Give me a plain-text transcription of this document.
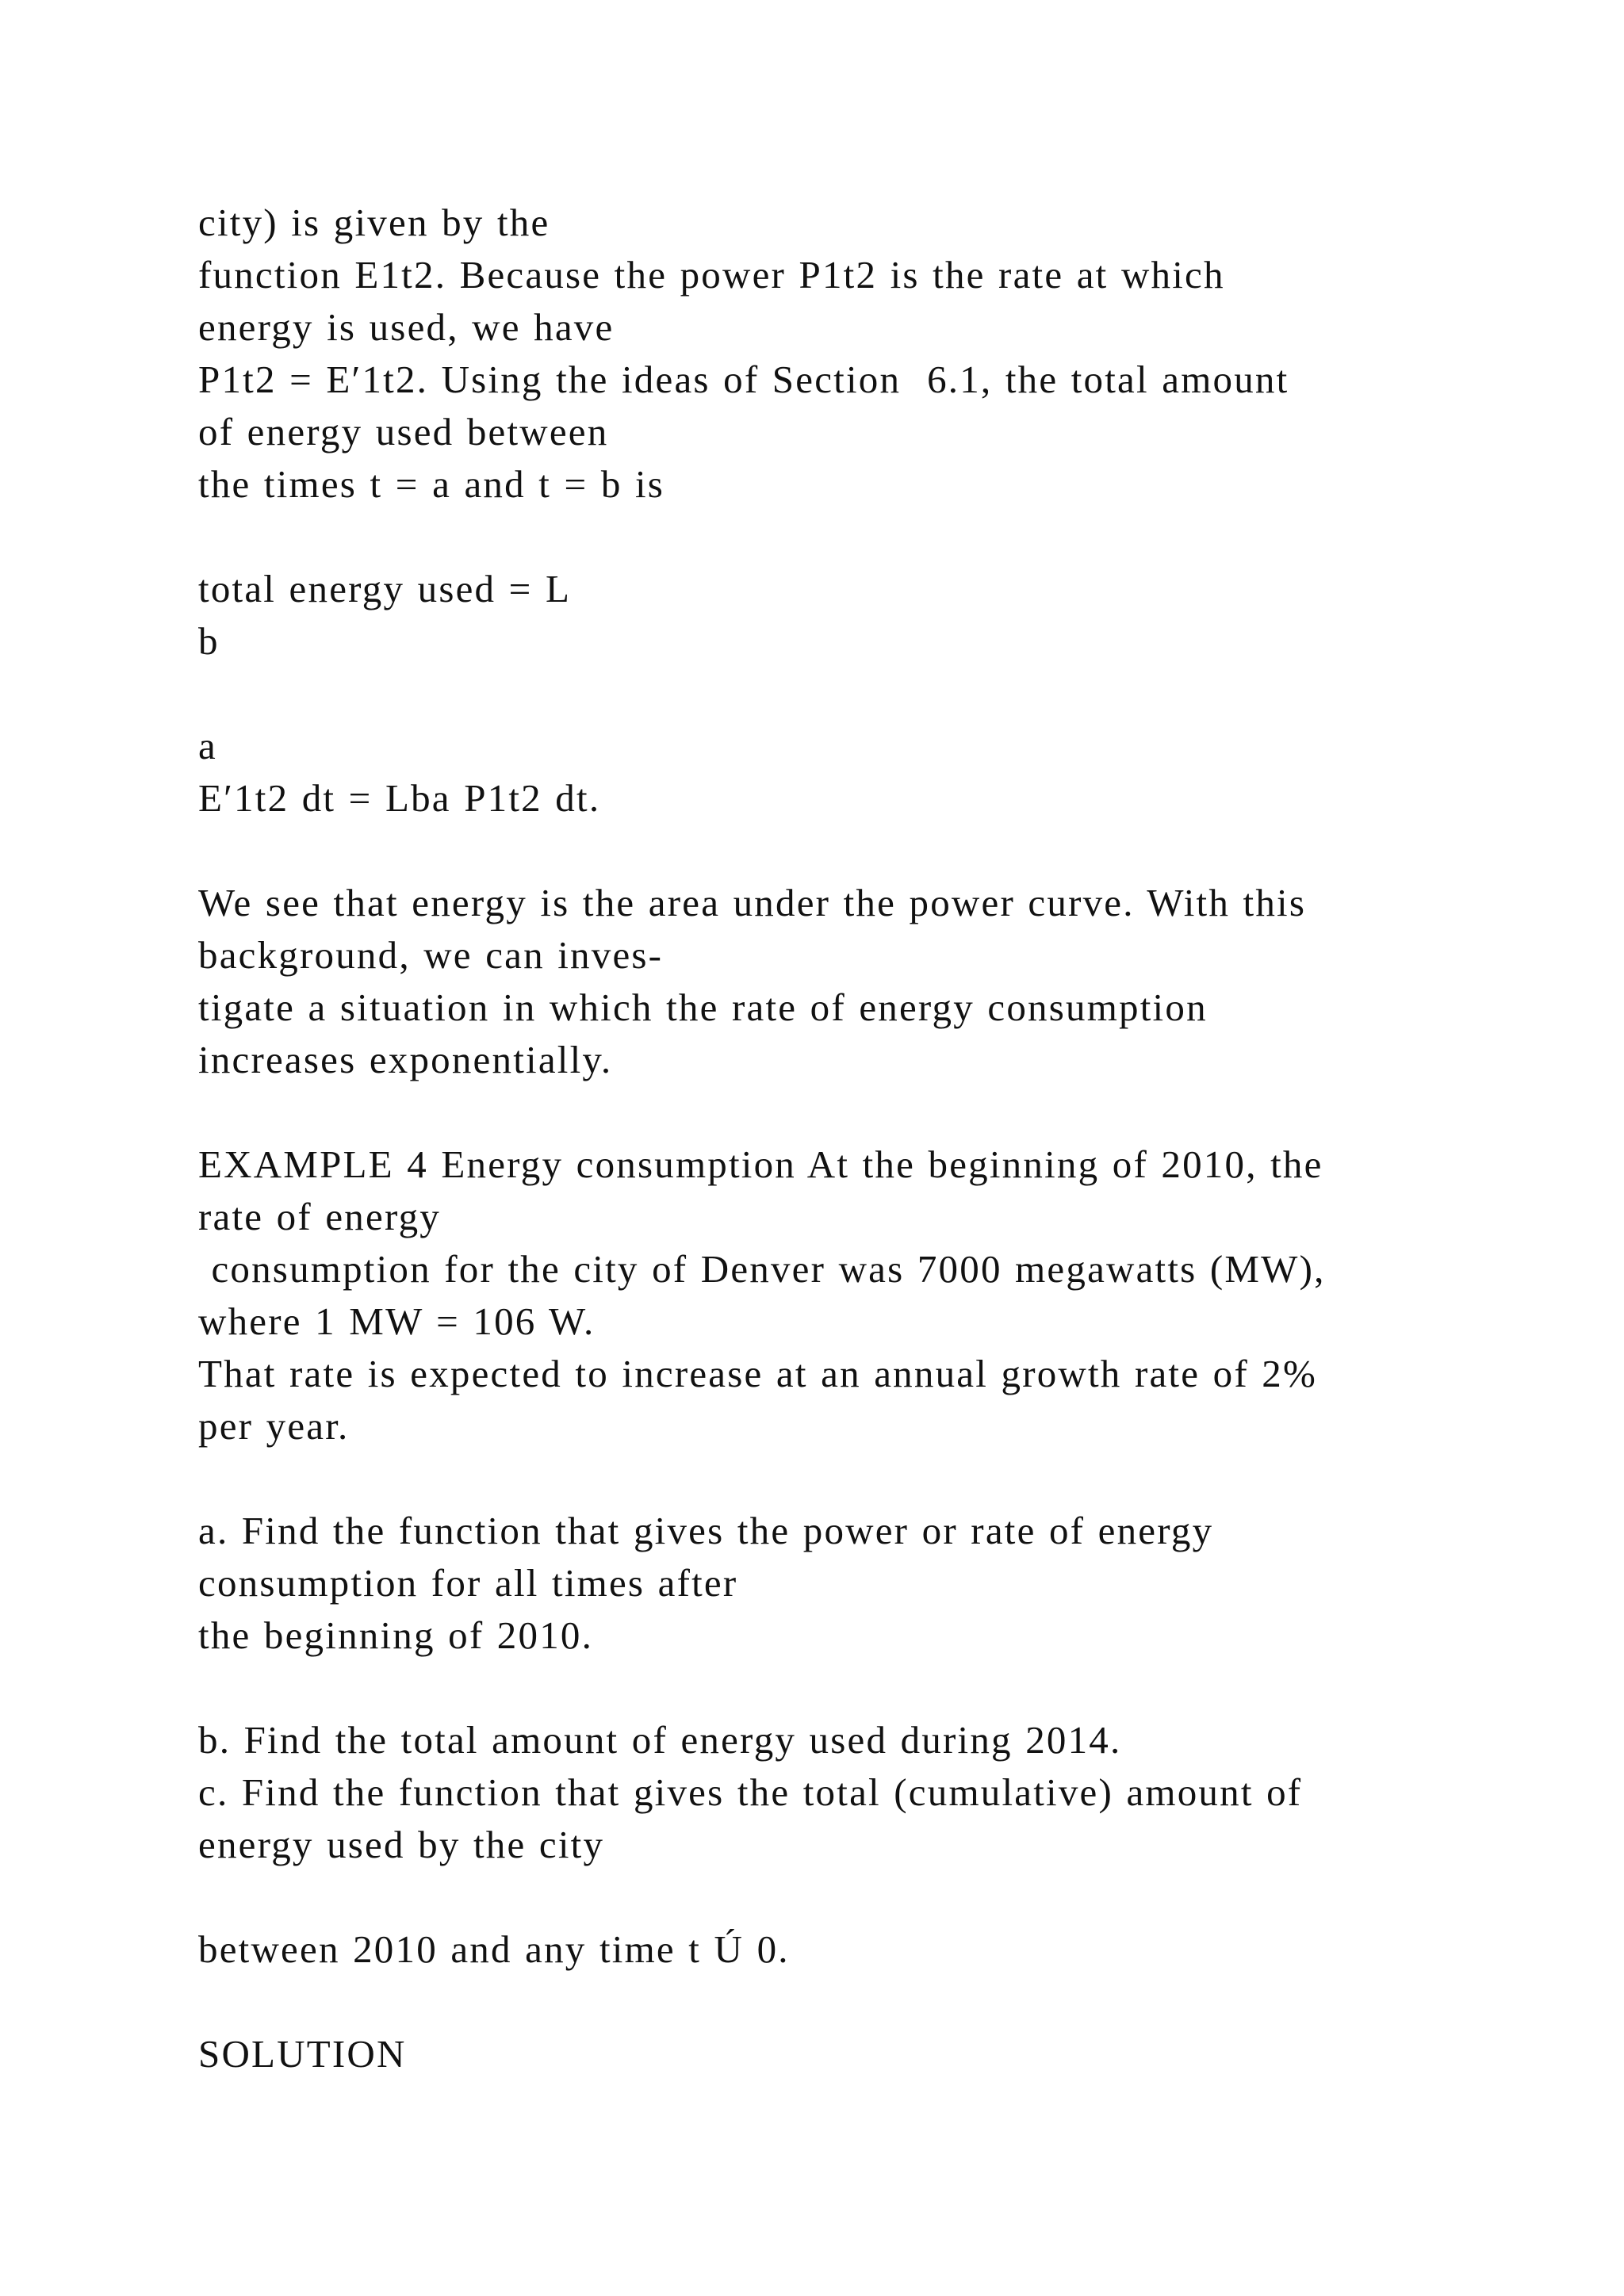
city) is given by the
function E1t2. Because the power P1t2 is the rate at which
energy is used, we have
P1t2 = E′1t2. Using the ideas of Section  6.1, the total amount
of energy used between
the times t = a and t = b is
total energy used = L
b
a
E′1t2 dt = Lba P1t2 dt.
We see that energy is the area under the power curve. With this
background, we can inves-
tigate a situation in which the rate of energy consumption
increases exponentially.
EXAMPLE 4 Energy consumption At the beginning of 2010, the
rate of energy
consumption for the city of Denver was 7000 megawatts (MW),
where 1 MW = 106 W.
That rate is expected to increase at an annual growth rate of 2%
per year.
a. Find the function that gives the power or rate of energy
consumption for all times after
the beginning of 2010.
b. Find the total amount of energy used during 2014.
c. Find the function that gives the total (cumulative) amount of
energy used by the city
between 2010 and any time t Ú 0.
SOLUTION
